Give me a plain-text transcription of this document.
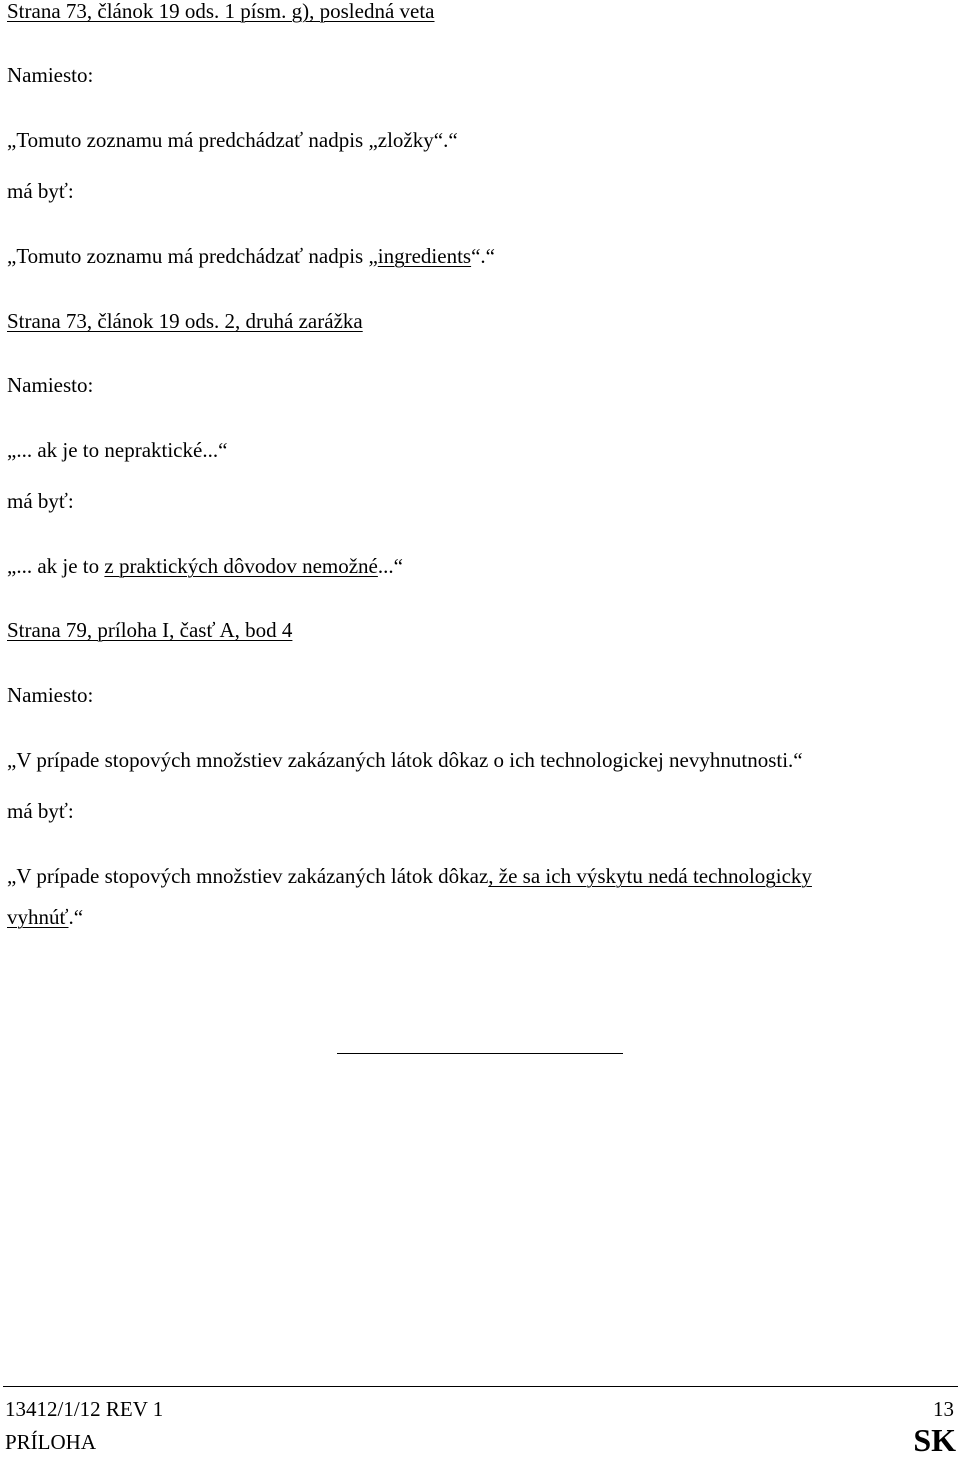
Strana 73, článok 19 ods. 1 písm. g), posledná veta
Namiesto:
„Tomuto zoznamu má predchádzať nadpis „zložky“.“
má byť:
„Tomuto zoznamu má predchádzať nadpis „ingredients“.“
Strana 73, článok 19 ods. 2, druhá zarážka
Namiesto:
„... ak je to nepraktické...“
má byť:
„... ak je to z praktických dôvodov nemožné...“
Strana 79, príloha I, časť A, bod 4
Namiesto:
„V prípade stopových množstiev zakázaných látok dôkaz o ich technologickej nevyhnutnosti.“
má byť:
„V prípade stopových množstiev zakázaných látok dôkaz, že sa ich výskytu nedá technologicky
vyhnúť.“
13412/1/12 REV 1
PRÍLOHA
13
SK
